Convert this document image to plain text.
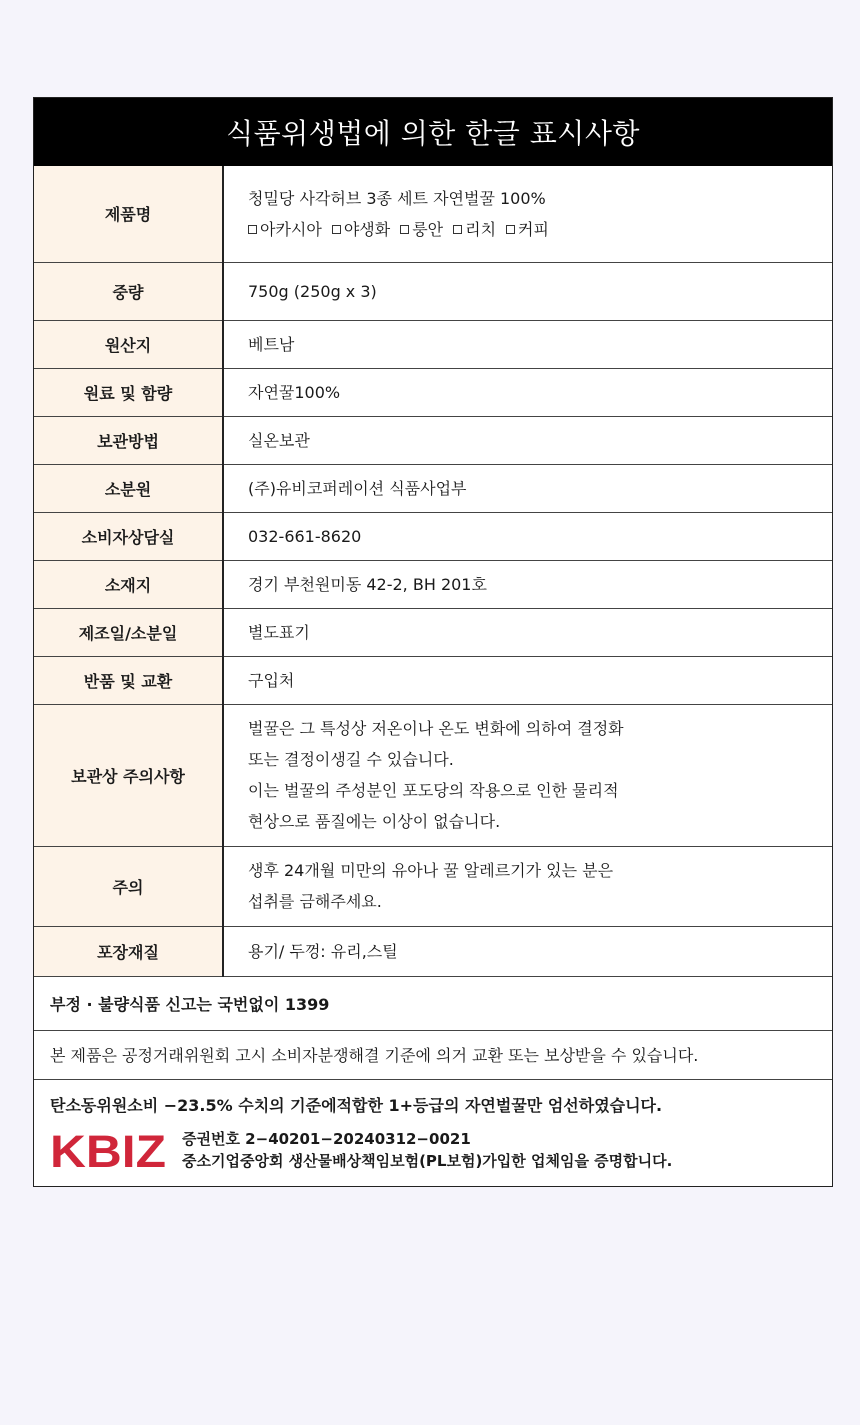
식품위생법에 의한 한글 표시사항
제품명	청밀당 사각허브 3종 세트 자연벌꿀 100%
아카시아 야생화 룽안 리치 커피

중량	750g (250g x 3)
원산지	베트남
원료 및 함량	자연꿀100%
보관방법	실온보관
소분원	(주)유비코퍼레이션 식품사업부
소비자상담실	032-661-8620
소재지	경기 부천원미동 42-2, BH 201호
제조일/소분일	별도표기
반품 및 교환	구입처
보관상 주의사항	벌꿀은 그 특성상 저온이나 온도 변화에 의하여 결정화
또는 결정이생길 수 있습니다.
이는 벌꿀의 주성분인 포도당의 작용으로 인한 물리적
현상으로 품질에는 이상이 없습니다.

주의	생후 24개월 미만의 유아나 꿀 알레르기가 있는 분은
섭취를 금해주세요.

포장재질	용기/ 두껑: 유리,스틸
부정 · 불량식품 신고는 국번없이 1399
본 제품은 공정거래위원회 고시 소비자분쟁해결 기준에 의거 교환 또는 보상받을 수 있습니다.
탄소동위원소비 −23.5% 수치의 기준에적합한 1+등급의 자연벌꿀만 엄선하였습니다.
KBIZ 증권번호 2−40201−20240312−0021
중소기업중앙회 생산물배상책임보험(PL보험)가입한 업체임을 증명합니다.
